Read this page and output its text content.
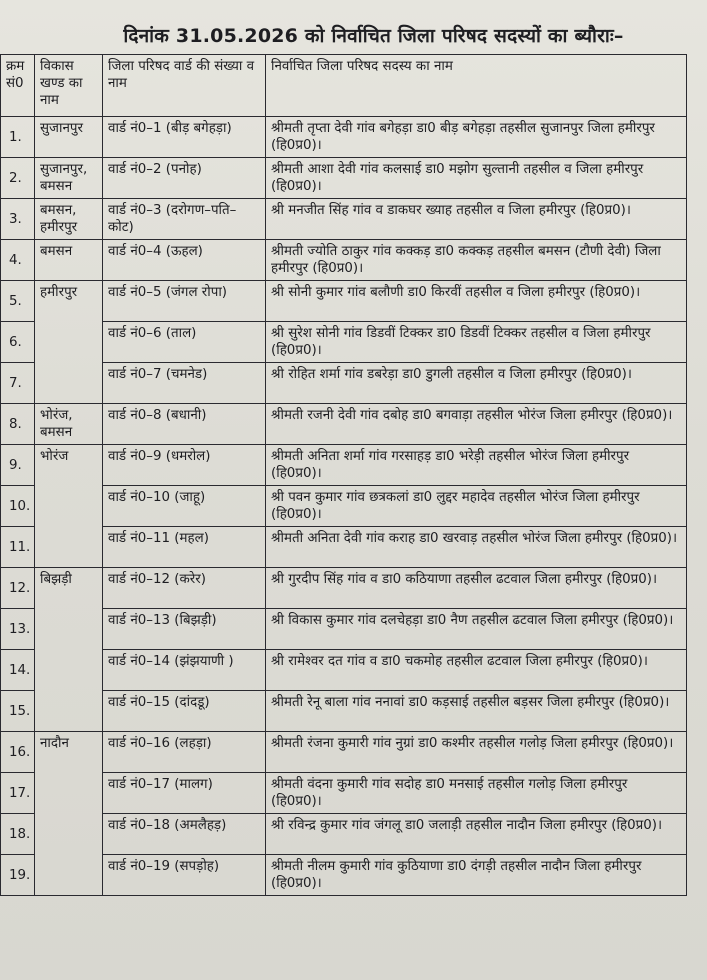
दिनांक 31.05.2026 को निर्वाचित जिला परिषद सदस्यों का ब्यौराः–
क्रम सं0	विकास खण्ड का नाम	जिला परिषद वार्ड की संख्या व नाम	निर्वाचित जिला परिषद सदस्य का नाम
1.	सुजानपुर	वार्ड नं0–1 (बीड़ बगेहड़ा)	श्रीमती तृप्ता देवी गांव बगेहड़ा डा0 बीड़ बगेहड़ा तहसील सुजानपुर जिला हमीरपुर (हि0प्र0)।
2.	सुजानपुर, बमसन	वार्ड नं0–2 (पनोह)	श्रीमती आशा देवी गांव कलसाई डा0 मझोग सुल्तानी तहसील व जिला हमीरपुर (हि0प्र0)।
3.	बमसन, हमीरपुर	वार्ड नं0–3 (दरोगण–पति–कोट)	श्री मनजीत सिंह गांव व डाकघर ख्याह तहसील व जिला हमीरपुर (हि0प्र0)।
4.	बमसन	वार्ड नं0–4 (ऊहल)	श्रीमती ज्योति ठाकुर गांव कक्कड़ डा0 कक्कड़ तहसील बमसन (टौणी देवी) जिला हमीरपुर (हि0प्र0)।
5.	हमीरपुर	वार्ड नं0–5 (जंगल रोपा)	श्री सोनी कुमार गांव बलौणी डा0 किरवीं तहसील व जिला हमीरपुर (हि0प्र0)।
6.		वार्ड नं0–6 (ताल)	श्री सुरेश सोनी गांव डिडवीं टिक्कर डा0 डिडवीं टिक्कर तहसील व जिला हमीरपुर (हि0प्र0)।
7.		वार्ड नं0–7 (चमनेड)	श्री रोहित शर्मा गांव डबरेड़ा डा0 डुगली तहसील व जिला हमीरपुर (हि0प्र0)।
8.	भोरंज, बमसन	वार्ड नं0–8 (बधानी)	श्रीमती रजनी देवी गांव दबोह डा0 बगवाड़ा तहसील भोरंज जिला हमीरपुर (हि0प्र0)।
9.	भोरंज	वार्ड नं0–9 (धमरोल)	श्रीमती अनिता शर्मा गांव गरसाहड़ डा0 भरेड़ी तहसील भोरंज जिला हमीरपुर (हि0प्र0)।
10.		वार्ड नं0–10 (जाहू)	श्री पवन कुमार गांव छत्रकलां डा0 लुद्दर महादेव तहसील भोरंज जिला हमीरपुर (हि0प्र0)।
11.		वार्ड नं0–11 (महल)	श्रीमती अनिता देवी गांव कराह डा0 खरवाड़ तहसील भोरंज जिला हमीरपुर (हि0प्र0)।
12.	बिझड़ी	वार्ड नं0–12 (करेर)	श्री गुरदीप सिंह गांव व डा0 कठियाणा तहसील ढटवाल जिला हमीरपुर (हि0प्र0)।
13.		वार्ड नं0–13 (बिझड़ी)	श्री विकास कुमार गांव दलचेहड़ा डा0 नैण तहसील ढटवाल जिला हमीरपुर (हि0प्र0)।
14.		वार्ड नं0–14 (झंझयाणी )	श्री रामेश्वर दत गांव व डा0 चकमोह तहसील ढटवाल जिला हमीरपुर (हि0प्र0)।
15.		वार्ड नं0–15 (दांदडू)	श्रीमती रेनू बाला गांव ननावां डा0 कड़साई तहसील बड़सर जिला हमीरपुर (हि0प्र0)।
16.	नादौन	वार्ड नं0–16 (लहड़ा)	श्रीमती रंजना कुमारी गांव नुग्रां डा0 कश्मीर तहसील गलोड़ जिला हमीरपुर (हि0प्र0)।
17.		वार्ड नं0–17 (मालग)	श्रीमती वंदना कुमारी गांव सदोह डा0 मनसाई तहसील गलोड़ जिला हमीरपुर (हि0प्र0)।
18.		वार्ड नं0–18 (अमलैहड़)	श्री रविन्द्र कुमार गांव जंगलू डा0 जलाड़ी तहसील नादौन जिला हमीरपुर (हि0प्र0)।
19.		वार्ड नं0–19 (सपड़ोह)	श्रीमती नीलम कुमारी गांव कुठियाणा डा0 दंगड़ी तहसील नादौन जिला हमीरपुर (हि0प्र0)।
